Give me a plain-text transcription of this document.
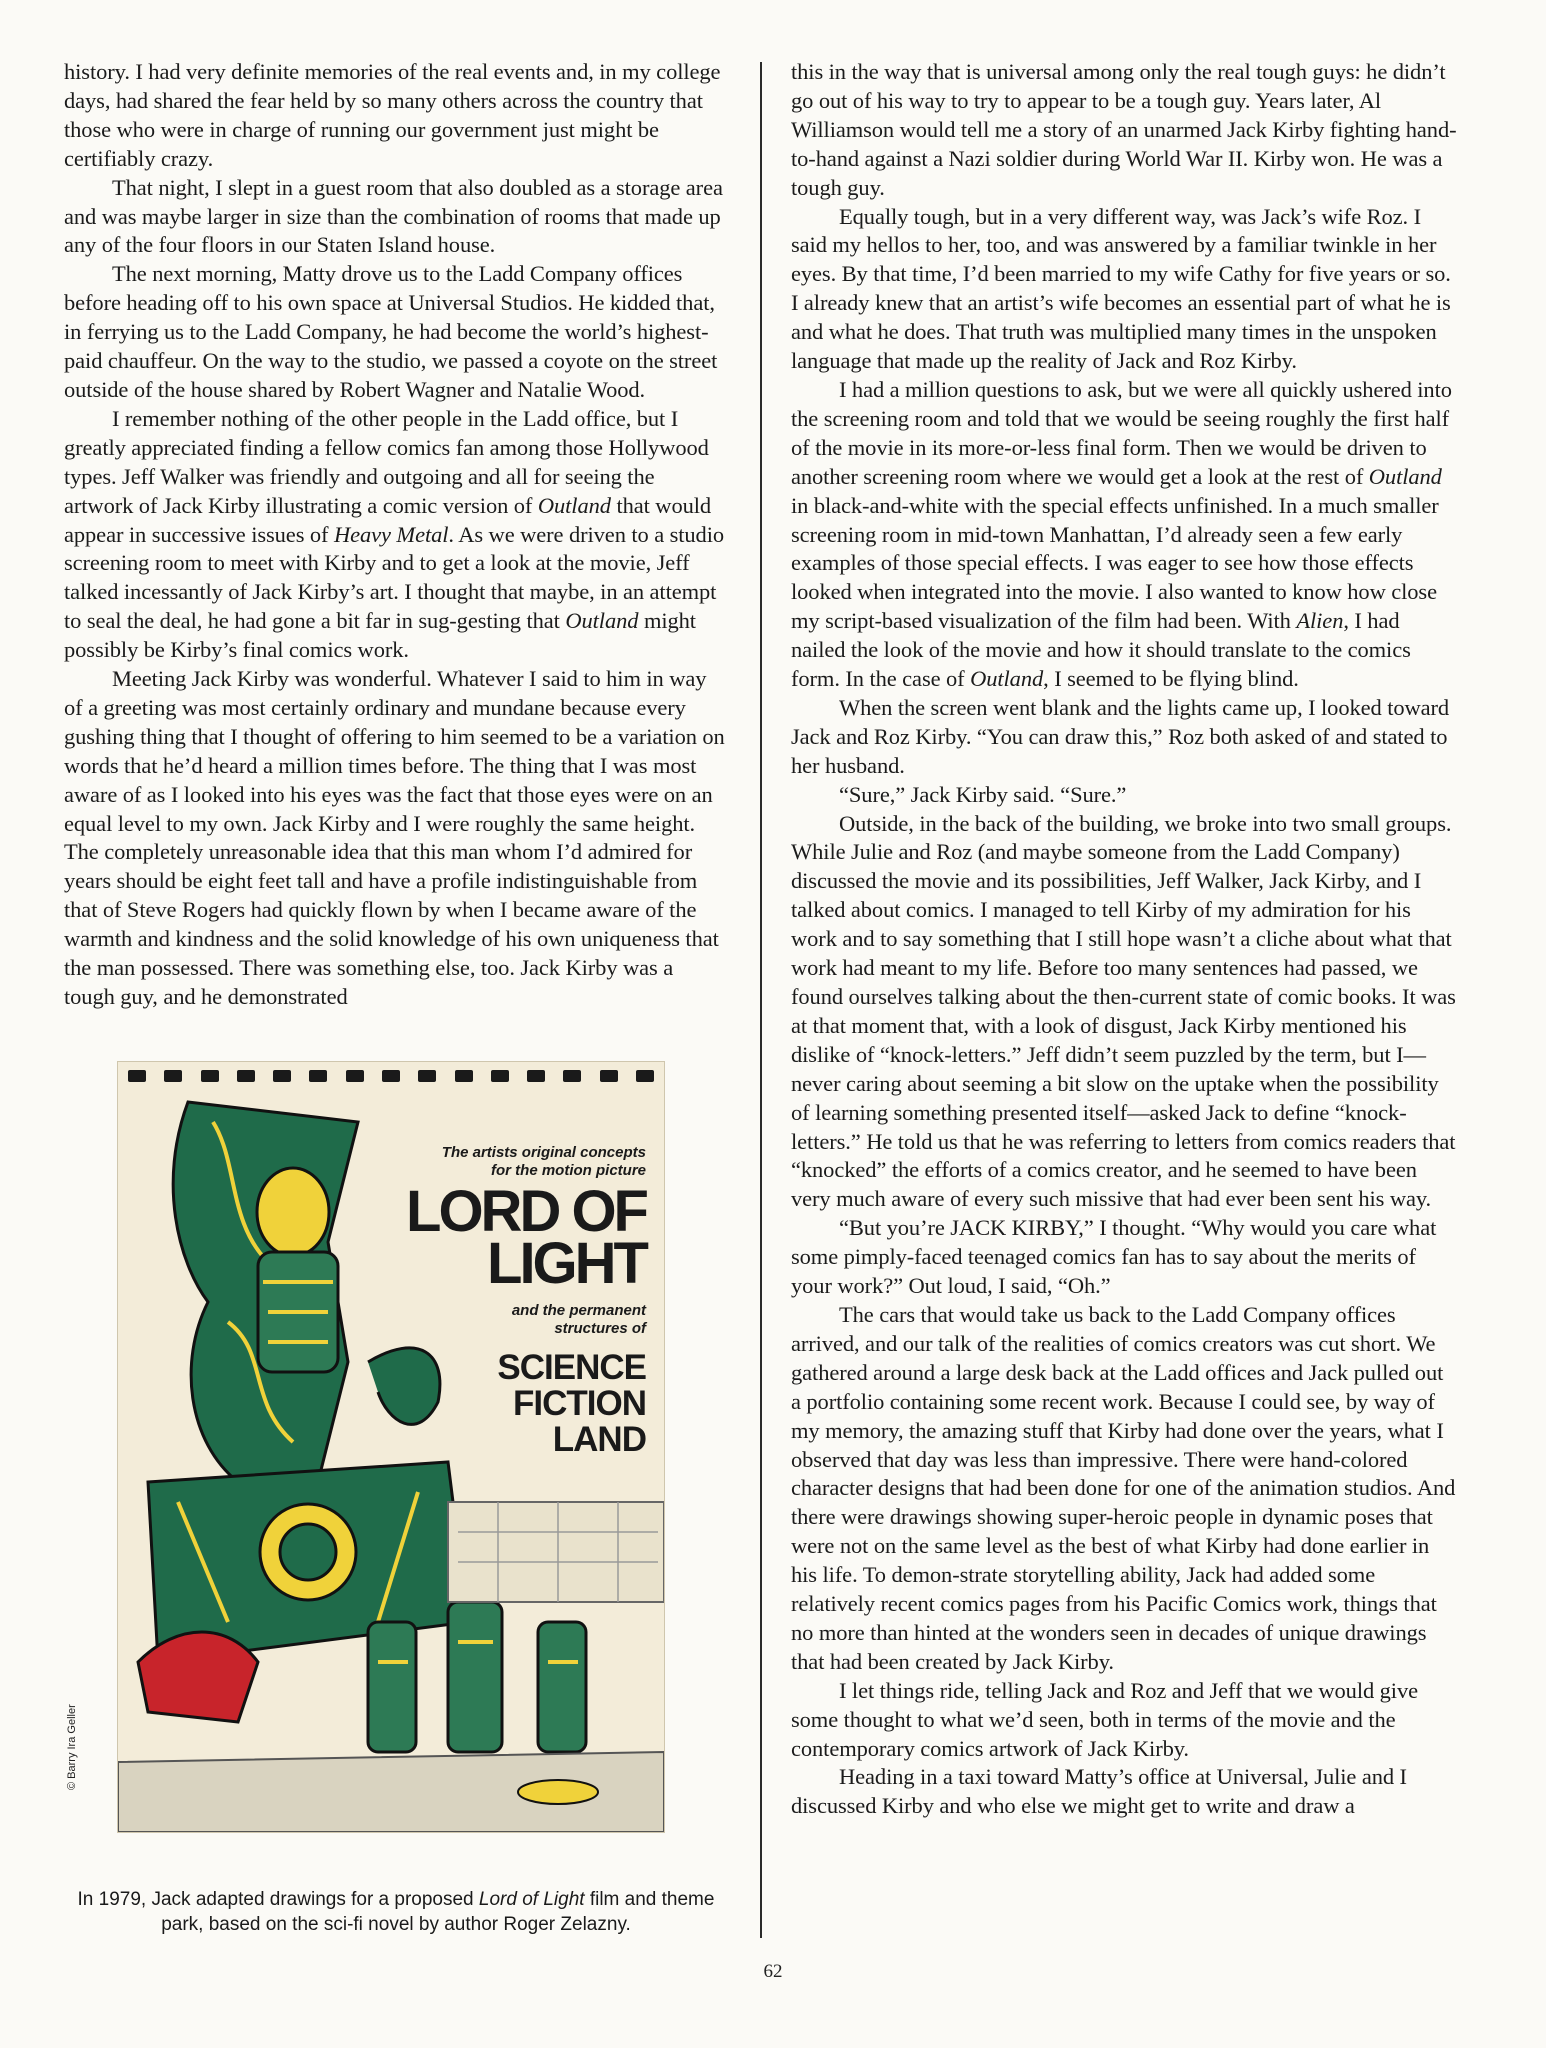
history. I had very definite memories of the real events and, in my college days, had shared the fear held by so many others across the country that those who were in charge of running our government just might be certifiably crazy.

That night, I slept in a guest room that also doubled as a storage area and was maybe larger in size than the combination of rooms that made up any of the four floors in our Staten Island house.

The next morning, Matty drove us to the Ladd Company offices before heading off to his own space at Universal Studios. He kidded that, in ferrying us to the Ladd Company, he had become the world’s highest-paid chauffeur. On the way to the studio, we passed a coyote on the street outside of the house shared by Robert Wagner and Natalie Wood.

I remember nothing of the other people in the Ladd office, but I greatly appreciated finding a fellow comics fan among those Hollywood types. Jeff Walker was friendly and outgoing and all for seeing the artwork of Jack Kirby illustrating a comic version of Outland that would appear in successive issues of Heavy Metal. As we were driven to a studio screening room to meet with Kirby and to get a look at the movie, Jeff talked incessantly of Jack Kirby’s art. I thought that maybe, in an attempt to seal the deal, he had gone a bit far in sug-gesting that Outland might possibly be Kirby’s final comics work.

Meeting Jack Kirby was wonderful. Whatever I said to him in way of a greeting was most certainly ordinary and mundane because every gushing thing that I thought of offering to him seemed to be a variation on words that he’d heard a million times before. The thing that I was most aware of as I looked into his eyes was the fact that those eyes were on an equal level to my own. Jack Kirby and I were roughly the same height. The completely unreasonable idea that this man whom I’d admired for years should be eight feet tall and have a profile indistinguishable from that of Steve Rogers had quickly flown by when I became aware of the warmth and kindness and the solid knowledge of his own uniqueness that the man possessed. There was something else, too. Jack Kirby was a tough guy, and he demonstrated

this in the way that is universal among only the real tough guys: he didn’t go out of his way to try to appear to be a tough guy. Years later, Al Williamson would tell me a story of an unarmed Jack Kirby fighting hand-to-hand against a Nazi soldier during World War II. Kirby won. He was a tough guy.

Equally tough, but in a very different way, was Jack’s wife Roz. I said my hellos to her, too, and was answered by a familiar twinkle in her eyes. By that time, I’d been married to my wife Cathy for five years or so. I already knew that an artist’s wife becomes an essential part of what he is and what he does. That truth was multiplied many times in the unspoken language that made up the reality of Jack and Roz Kirby.

I had a million questions to ask, but we were all quickly ushered into the screening room and told that we would be seeing roughly the first half of the movie in its more-or-less final form. Then we would be driven to another screening room where we would get a look at the rest of Outland in black-and-white with the special effects unfinished. In a much smaller screening room in mid-town Manhattan, I’d already seen a few early examples of those special effects. I was eager to see how those effects looked when integrated into the movie. I also wanted to know how close my script-based visualization of the film had been. With Alien, I had nailed the look of the movie and how it should translate to the comics form. In the case of Outland, I seemed to be flying blind.

When the screen went blank and the lights came up, I looked toward Jack and Roz Kirby. “You can draw this,” Roz both asked of and stated to her husband.

“Sure,” Jack Kirby said. “Sure.”

Outside, in the back of the building, we broke into two small groups. While Julie and Roz (and maybe someone from the Ladd Company) discussed the movie and its possibilities, Jeff Walker, Jack Kirby, and I talked about comics. I managed to tell Kirby of my admiration for his work and to say something that I still hope wasn’t a cliche about what that work had meant to my life. Before too many sentences had passed, we found ourselves talking about the then-current state of comic books. It was at that moment that, with a look of disgust, Jack Kirby mentioned his dislike of “knock-letters.” Jeff didn’t seem puzzled by the term, but I—never caring about seeming a bit slow on the uptake when the possibility of learning something presented itself—asked Jack to define “knock-letters.” He told us that he was referring to letters from comics readers that “knocked” the efforts of a comics creator, and he seemed to have been very much aware of every such missive that had ever been sent his way.

“But you’re JACK KIRBY,” I thought. “Why would you care what some pimply-faced teenaged comics fan has to say about the merits of your work?” Out loud, I said, “Oh.”

The cars that would take us back to the Ladd Company offices arrived, and our talk of the realities of comics creators was cut short. We gathered around a large desk back at the Ladd offices and Jack pulled out a portfolio containing some recent work. Because I could see, by way of my memory, the amazing stuff that Kirby had done over the years, what I observed that day was less than impressive. There were hand-colored character designs that had been done for one of the animation studios. And there were drawings showing super-heroic people in dynamic poses that were not on the same level as the best of what Kirby had done earlier in his life. To demon-strate storytelling ability, Jack had added some relatively recent comics pages from his Pacific Comics work, things that no more than hinted at the wonders seen in decades of unique drawings that had been created by Jack Kirby.

I let things ride, telling Jack and Roz and Jeff that we would give some thought to what we’d seen, both in terms of the movie and the contemporary comics artwork of Jack Kirby.

Heading in a taxi toward Matty’s office at Universal, Julie and I discussed Kirby and who else we might get to write and draw a

The artists original concepts
for the motion picture
LORD OF
LIGHT
and the permanent
structures of
SCIENCE
FICTION
LAND
© Barry Ira Geller
In 1979, Jack adapted drawings for a proposed Lord of Light film and theme park, based on the sci-fi novel by author Roger Zelazny.
62
